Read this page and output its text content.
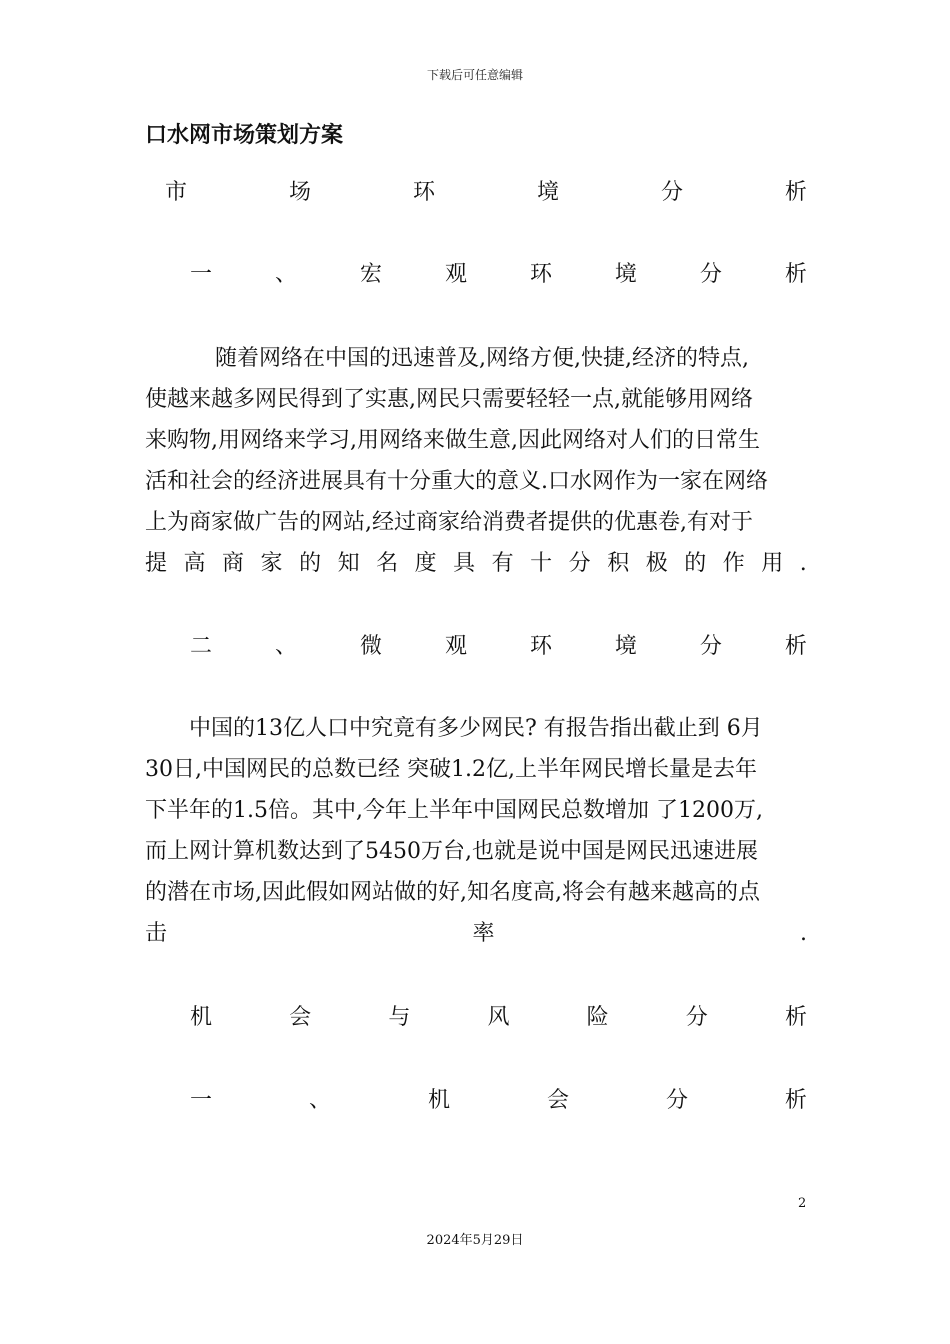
下载后可任意编辑
口水网市场策划方案
市	场	环	境	分	析
一	、	宏	观	环	境	分	析

随着网络在中国的迅速普及,网络方便,快捷,经济的特点,

使越来越多网民得到了实惠,网民只需要轻轻一点,就能够用网络

来购物,用网络来学习,用网络来做生意,因此网络对人们的日常生

活和社会的经济进展具有十分重大的意义.口水网作为一家在网络

上为商家做广告的网站,经过商家给消费者提供的优惠卷,有对于

提 高 商 家 的 知 名 度 具 有 十 分 积 极 的 作 用 .

二	、	微	观	环	境	分	析

中国的13亿人口中究竟有多少网民? 有报告指出截止到 6月

30日,中国网民的总数已经 突破1.2亿,上半年网民增长量是去年

下半年的1.5倍。其中,今年上半年中国网民总数增加 了1200万,

而上网计算机数达到了5450万台,也就是说中国是网民迅速进展

的潜在市场,因此假如网站做的好,知名度高,将会有越来越高的点

击	率	.

机	会	与	风	险	分	析
一	、	机	会	分	析
2
2024年5月29日
